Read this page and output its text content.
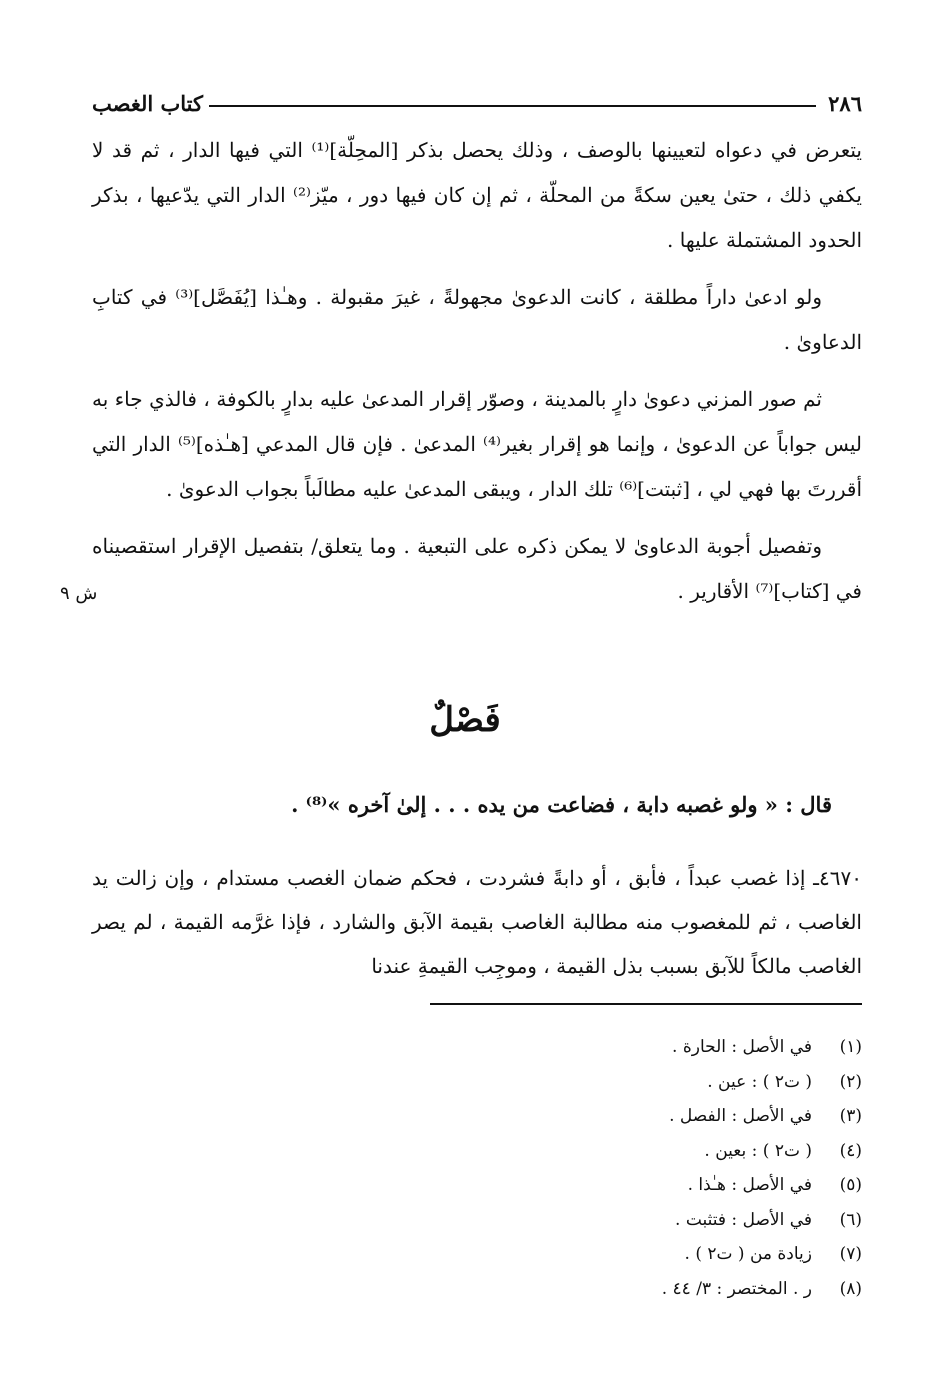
٢٨٦
كتاب الغصب

يتعرض في دعواه لتعيينها بالوصف ، وذلك يحصل بذكر [المحِلّة]⁽¹⁾ التي فيها الدار ، ثم قد لا يكفي ذلك ، حتىٰ يعين سكةً من المحلّة ، ثم إن كان فيها دور ، ميّز⁽²⁾ الدار التي يدّعيها ، بذكر الحدود المشتملة عليها .

ولو ادعىٰ داراً مطلقة ، كانت الدعوىٰ مجهولةً ، غيرَ مقبولة . وهـٰذا [يُفَصَّل]⁽³⁾ في كتابِ الدعاوىٰ .

ثم صور المزني دعوىٰ دارٍ بالمدينة ، وصوّر إقرار المدعىٰ عليه بدارٍ بالكوفة ، فالذي جاء به ليس جواباً عن الدعوىٰ ، وإنما هو إقرار بغير⁽⁴⁾ المدعىٰ . فإن قال المدعي [هـٰذه]⁽⁵⁾ الدار التي أقررتَ بها فهي لي ، [ثبتت]⁽⁶⁾ تلك الدار ، ويبقى المدعىٰ عليه مطالَباً بجواب الدعوىٰ .

وتفصيل أجوبة الدعاوىٰ لا يمكن ذكره على التبعية . وما يتعلق/ بتفصيل الإقرار استقصيناه في [كتاب]⁽⁷⁾ الأقارير .

ش ٩
فَصْلٌ
قال : « ولو غصبه دابة ، فضاعت من يده . . . إلىٰ آخره »⁽⁸⁾ .

٤٦٧٠ـ إذا غصب عبداً ، فأبق ، أو دابةً فشردت ، فحكم ضمان الغصب مستدام ، وإن زالت يد الغاصب ، ثم للمغصوب منه مطالبة الغاصب بقيمة الآبق والشارد ، فإذا غرَّمه القيمة ، لم يصر الغاصب مالكاً للآبق بسبب بذل القيمة ، وموجِب القيمةِ عندنا

(١)
في الأصل : الحارة .
(٢)
( ت٢ ) : عين .
(٣)
في الأصل : الفصل .
(٤)
( ت٢ ) : بعين .
(٥)
في الأصل : هـٰذا .
(٦)
في الأصل : فتثبت .
(٧)
زيادة من ( ت٢ ) .
(٨)
ر . المختصر : ٣/ ٤٤ .
